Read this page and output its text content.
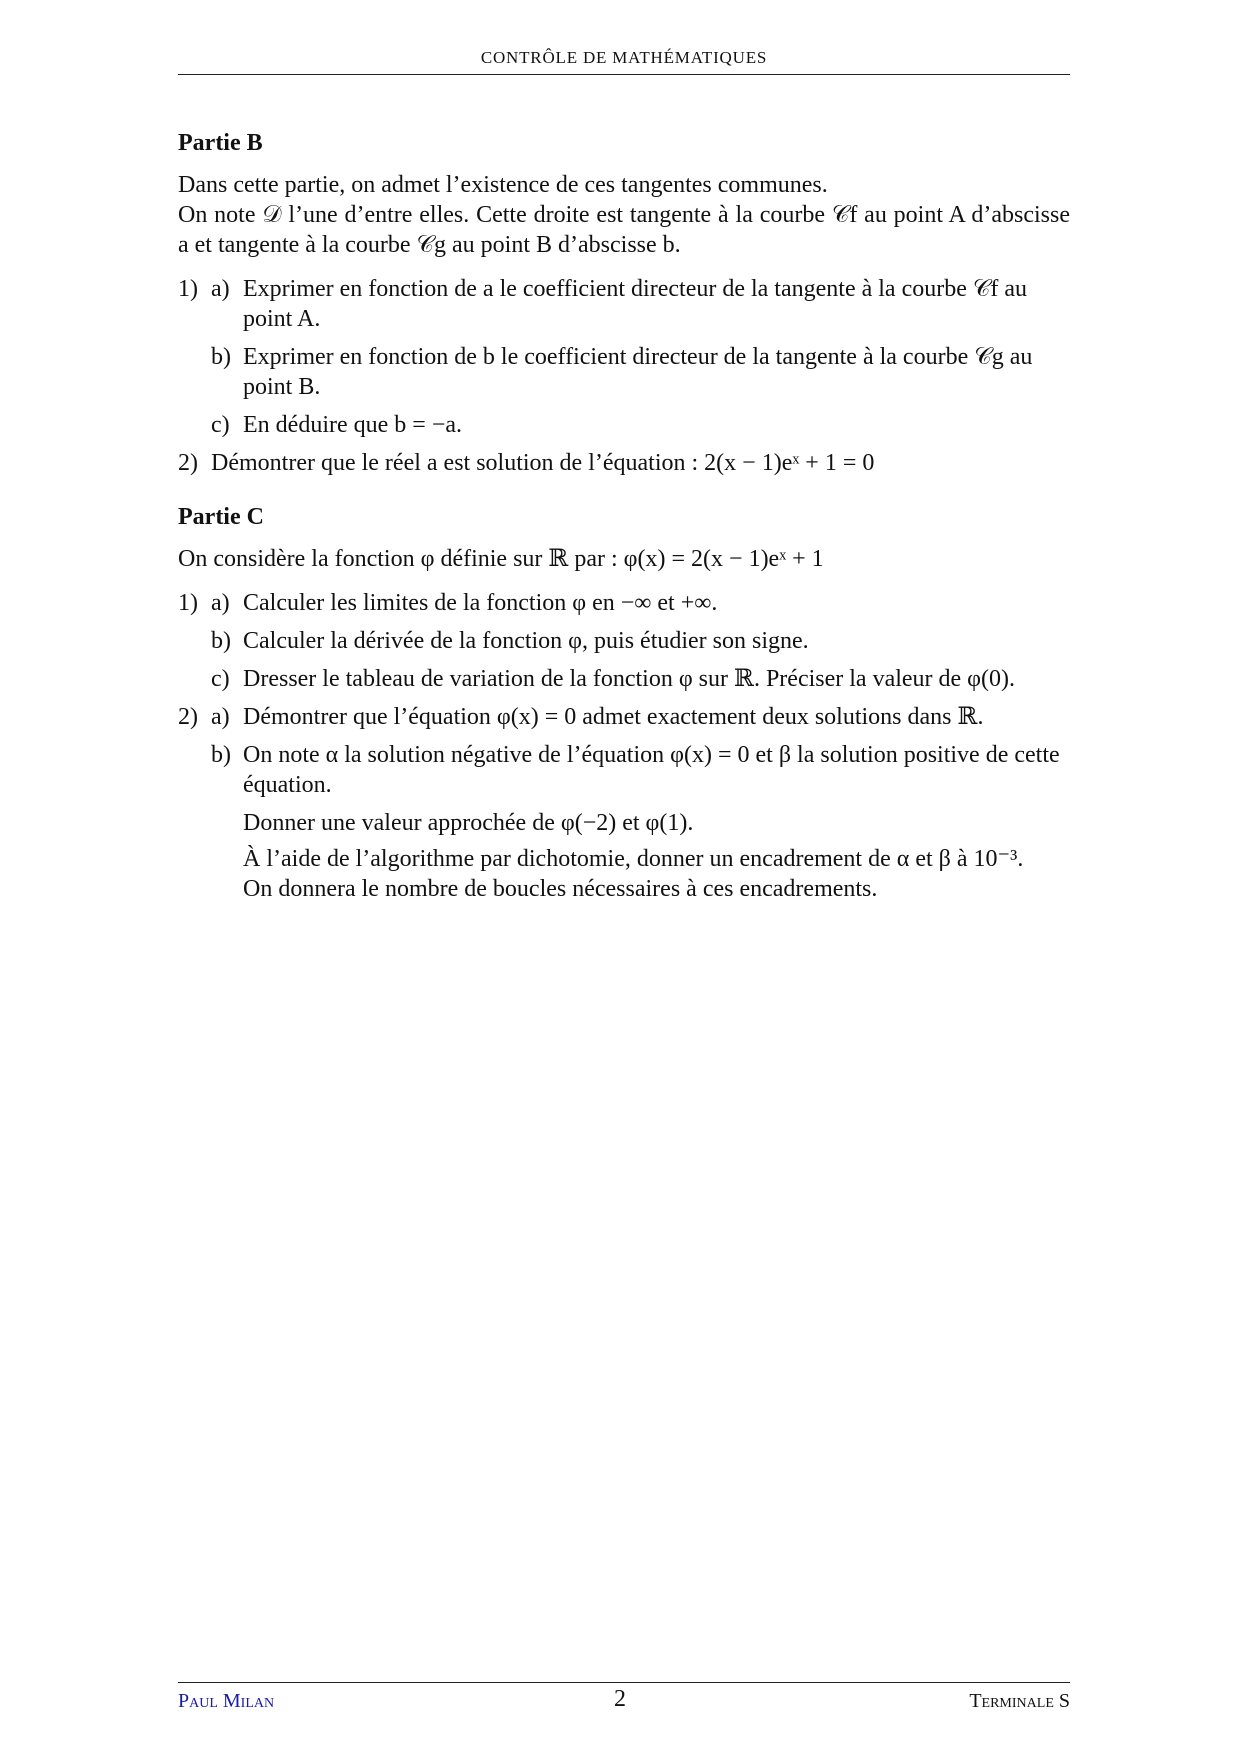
CONTRÔLE DE MATHÉMATIQUES
Partie B

Dans cette partie, on admet l’existence de ces tangentes communes.

On note 𝒟 l’une d’entre elles. Cette droite est tangente à la courbe 𝒞f au point A d’abscisse a et tangente à la courbe 𝒞g au point B d’abscisse b.

1) a) Exprimer en fonction de a le coefficient directeur de la tangente à la courbe 𝒞f au point A.
b) Exprimer en fonction de b le coefficient directeur de la tangente à la courbe 𝒞g au point B.
c) En déduire que b = −a.
2) Démontrer que le réel a est solution de l’équation : 2(x − 1)eˣ + 1 = 0
Partie C

On considère la fonction φ définie sur ℝ par : φ(x) = 2(x − 1)eˣ + 1

1) a) Calculer les limites de la fonction φ en −∞ et +∞.
b) Calculer la dérivée de la fonction φ, puis étudier son signe.
c) Dresser le tableau de variation de la fonction φ sur ℝ. Préciser la valeur de φ(0).
2) a) Démontrer que l’équation φ(x) = 0 admet exactement deux solutions dans ℝ.
b) On note α la solution négative de l’équation φ(x) = 0 et β la solution positive de cette équation.
Donner une valeur approchée de φ(−2) et φ(1).
À l’aide de l’algorithme par dichotomie, donner un encadrement de α et β à 10⁻³.
On donnera le nombre de boucles nécessaires à ces encadrements.
Paul Milan	2	Terminale S
